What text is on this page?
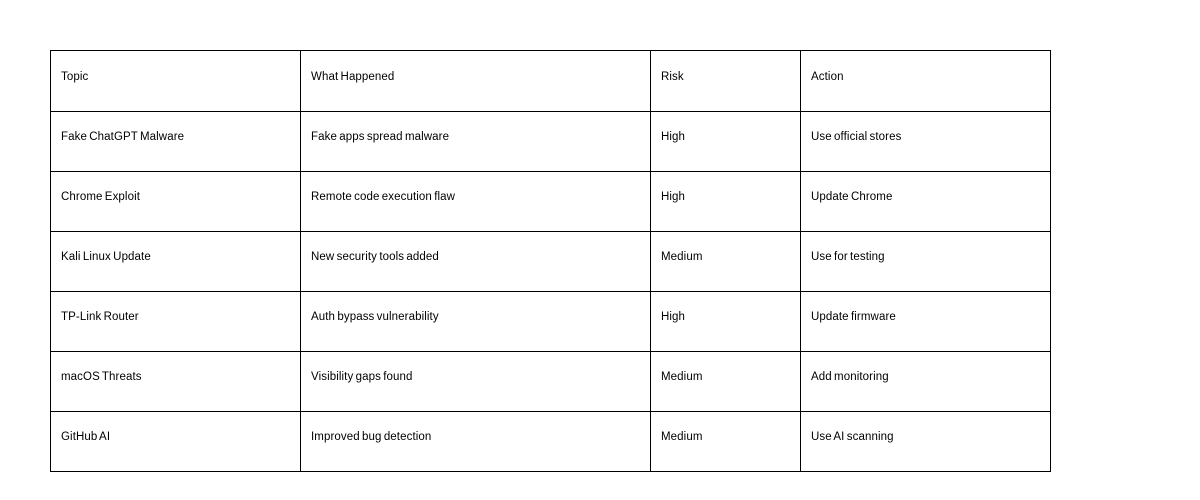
Topic	What Happened	Risk	Action
Fake ChatGPT Malware	Fake apps spread malware	High	Use official stores
Chrome Exploit	Remote code execution flaw	High	Update Chrome
Kali Linux Update	New security tools added	Medium	Use for testing
TP-Link Router	Auth bypass vulnerability	High	Update firmware
macOS Threats	Visibility gaps found	Medium	Add monitoring
GitHub AI	Improved bug detection	Medium	Use AI scanning
